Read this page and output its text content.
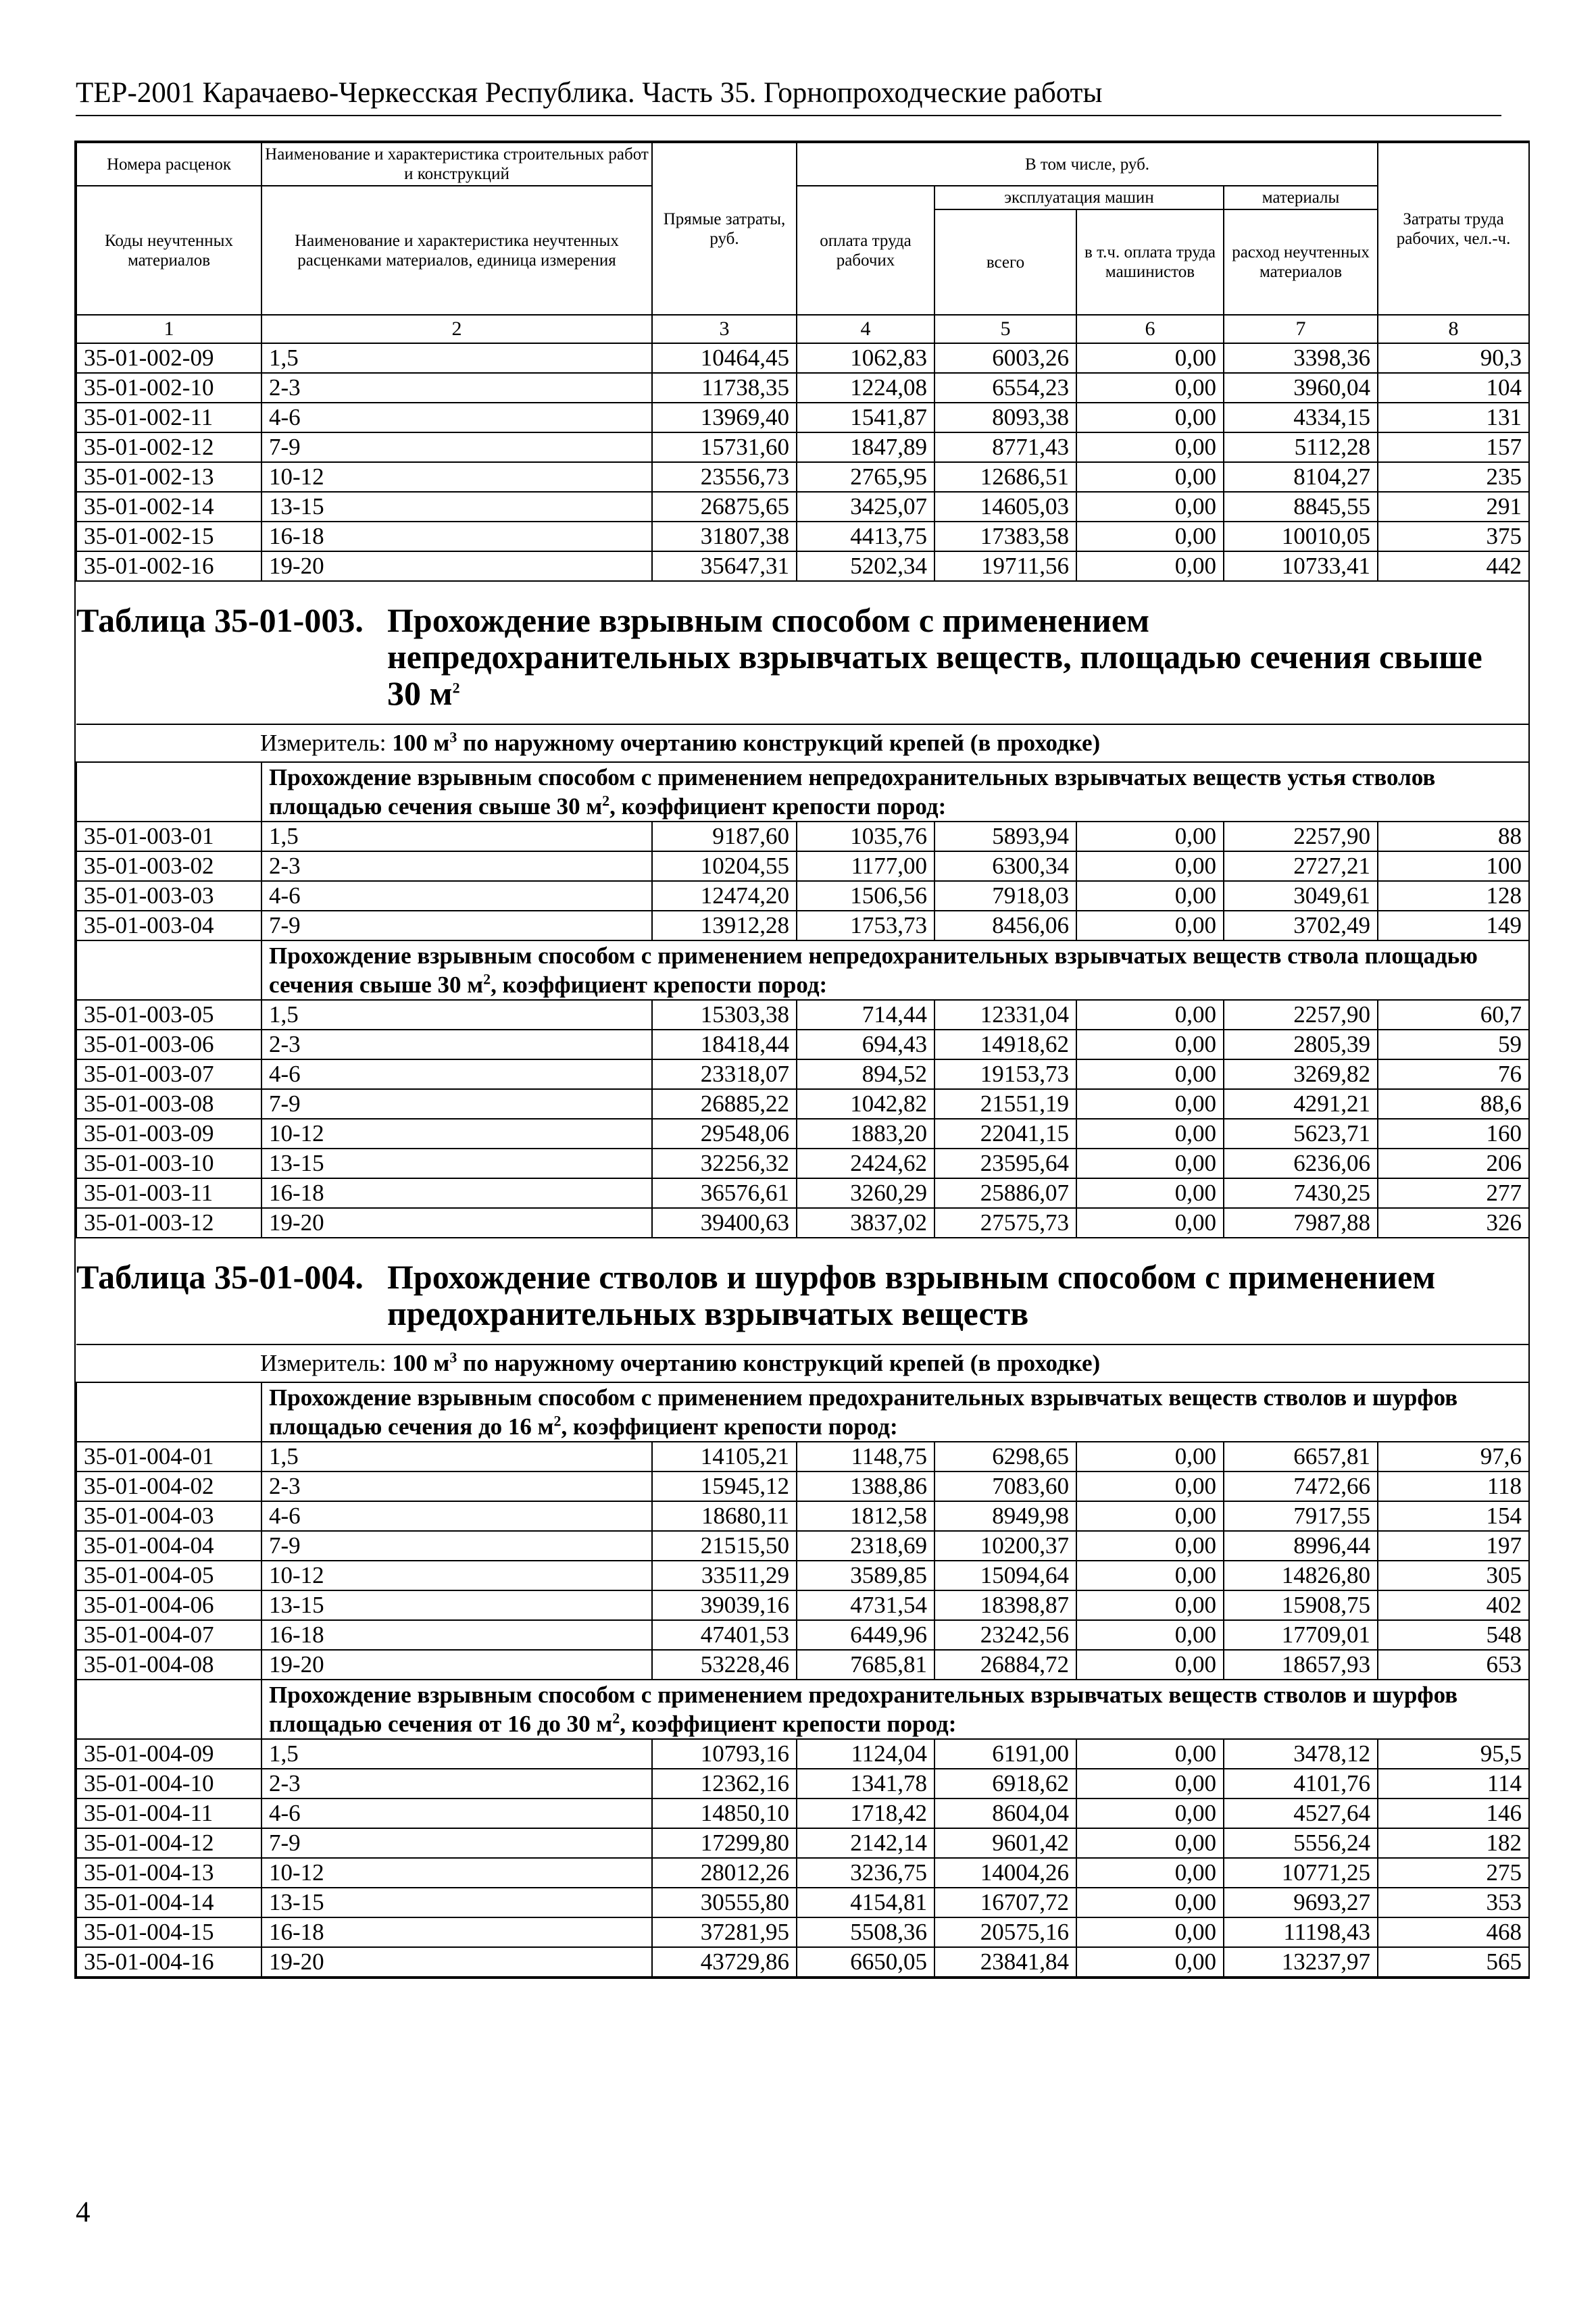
ТЕР-2001 Карачаево-Черкесская Республика. Часть 35. Горнопроходческие работы
Номера расценок	Наименование и характеристика строительных работ и конструкций	Прямые затраты, руб.	В том числе, руб.				Затраты труда рабочих, чел.-ч.
Коды неучтенных материалов	Наименование и характеристика неучтенных расценками материалов, единица измерения		оплата труда рабочих	эксплуатация машин		материалы	
				всего	в т.ч. оплата труда машинистов	расход неучтенных материалов	

1	2	3	4	5	6	7	8
35-01-002-09	1,5	10464,45	1062,83	6003,26	0,00	3398,36	90,3
35-01-002-10	2-3	11738,35	1224,08	6554,23	0,00	3960,04	104
35-01-002-11	4-6	13969,40	1541,87	8093,38	0,00	4334,15	131
35-01-002-12	7-9	15731,60	1847,89	8771,43	0,00	5112,28	157
35-01-002-13	10-12	23556,73	2765,95	12686,51	0,00	8104,27	235
35-01-002-14	13-15	26875,65	3425,07	14605,03	0,00	8845,55	291
35-01-002-15	16-18	31807,38	4413,75	17383,58	0,00	10010,05	375
35-01-002-16	19-20	35647,31	5202,34	19711,56	0,00	10733,41	442
Таблица 35-01-003. Прохождение взрывным способом с применением непредохранительных взрывчатых веществ, площадью сечения свыше 30 $м^2$
Измеритель: 100 $м^3$ по наружному очертанию конструкций крепей (в проходке)							
	Прохождение взрывным способом с применением непредохранительных взрывчатых веществ устья стволов площадью сечения свыше 30 $м^2$, коэффициент крепости пород:						
35-01-003-01	1,5	9187,60	1035,76	5893,94	0,00	2257,90	88
35-01-003-02	2-3	10204,55	1177,00	6300,34	0,00	2727,21	100
35-01-003-03	4-6	12474,20	1506,56	7918,03	0,00	3049,61	128
35-01-003-04	7-9	13912,28	1753,73	8456,06	0,00	3702,49	149
	Прохождение взрывным способом с применением непредохранительных взрывчатых веществ ствола площадью сечения свыше 30 $м^2$, коэффициент крепости пород:						
35-01-003-05	1,5	15303,38	714,44	12331,04	0,00	2257,90	60,7
35-01-003-06	2-3	18418,44	694,43	14918,62	0,00	2805,39	59
35-01-003-07	4-6	23318,07	894,52	19153,73	0,00	3269,82	76
35-01-003-08	7-9	26885,22	1042,82	21551,19	0,00	4291,21	88,6
35-01-003-09	10-12	29548,06	1883,20	22041,15	0,00	5623,71	160
35-01-003-10	13-15	32256,32	2424,62	23595,64	0,00	6236,06	206
35-01-003-11	16-18	36576,61	3260,29	25886,07	0,00	7430,25	277
35-01-003-12	19-20	39400,63	3837,02	27575,73	0,00	7987,88	326
Таблица 35-01-004. Прохождение стволов и шурфов взрывным способом с применением предохранительных взрывчатых веществ							
Измеритель: 100 $м^3$ по наружному очертанию конструкций крепей (в проходке)							
	Прохождение взрывным способом с применением предохранительных взрывчатых веществ стволов и шурфов площадью сечения до 16 $м^2$, коэффициент крепости пород:						
35-01-004-01	1,5	14105,21	1148,75	6298,65	0,00	6657,81	97,6
35-01-004-02	2-3	15945,12	1388,86	7083,60	0,00	7472,66	118
35-01-004-03	4-6	18680,11	1812,58	8949,98	0,00	7917,55	154
35-01-004-04	7-9	21515,50	2318,69	10200,37	0,00	8996,44	197
35-01-004-05	10-12	33511,29	3589,85	15094,64	0,00	14826,80	305
35-01-004-06	13-15	39039,16	4731,54	18398,87	0,00	15908,75	402
35-01-004-07	16-18	47401,53	6449,96	23242,56	0,00	17709,01	548
35-01-004-08	19-20	53228,46	7685,81	26884,72	0,00	18657,93	653
	Прохождение взрывным способом с применением предохранительных взрывчатых веществ стволов и шурфов площадью сечения от 16 до 30 $м^2$, коэффициент крепости пород:						
35-01-004-09	1,5	10793,16	1124,04	6191,00	0,00	3478,12	95,5
35-01-004-10	2-3	12362,16	1341,78	6918,62	0,00	4101,76	114
35-01-004-11	4-6	14850,10	1718,42	8604,04	0,00	4527,64	146
35-01-004-12	7-9	17299,80	2142,14	9601,42	0,00	5556,24	182
35-01-004-13	10-12	28012,26	3236,75	14004,26	0,00	10771,25	275
35-01-004-14	13-15	30555,80	4154,81	16707,72	0,00	9693,27	353
35-01-004-15	16-18	37281,95	5508,36	20575,16	0,00	11198,43	468
35-01-004-16	19-20	43729,86	6650,05	23841,84	0,00	13237,97	565
4
